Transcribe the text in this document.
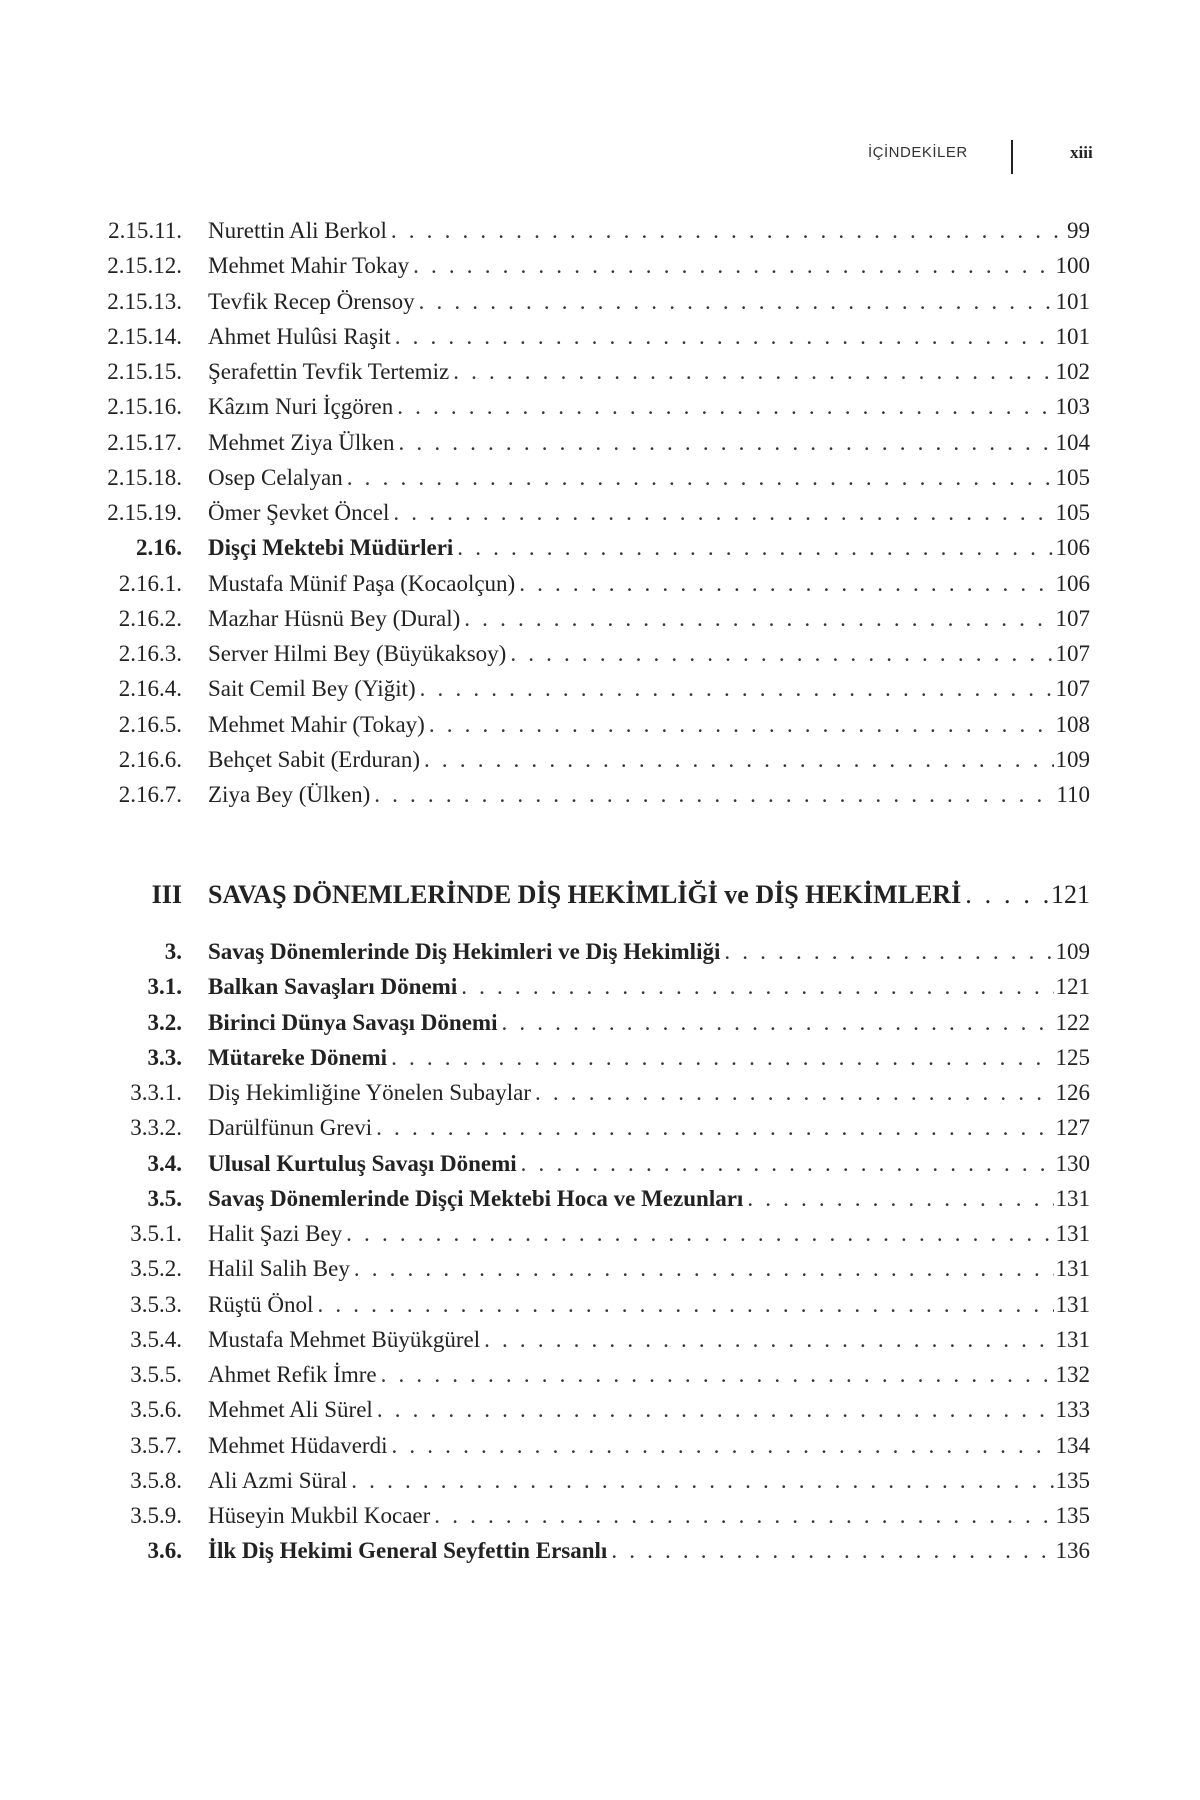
İÇİNDEKİLER	xiii
2.15.11. Nurettin Ali Berkol . . .	99
2.15.12. Mehmet Mahir Tokay . . .	100
2.15.13. Tevfik Recep Örensoy . . .	101
2.15.14. Ahmet Hulûsi Raşit . . .	101
2.15.15. Şerafettin Tevfik Tertemiz . . .	102
2.15.16. Kâzım Nuri İçgören . . .	103
2.15.17. Mehmet Ziya Ülken . . .	104
2.15.18. Osep Celalyan . . .	105
2.15.19. Ömer Şevket Öncel . . .	105
2.16. Dişçi Mektebi Müdürleri . . .	106
2.16.1. Mustafa Münif Paşa (Kocaolçun) . . .	106
2.16.2. Mazhar Hüsnü Bey (Dural) . . .	107
2.16.3. Server Hilmi Bey (Büyükaksoy) . . .	107
2.16.4. Sait Cemil Bey (Yiğit) . . .	107
2.16.5. Mehmet Mahir (Tokay) . . .	108
2.16.6. Behçet Sabit (Erduran) . . .	109
2.16.7. Ziya Bey (Ülken) . . .	110
III SAVAŞ DÖNEMLERİNDE DİŞ HEKİMLİĞİ ve DİŞ HEKİMLERİ . . .	121
3. Savaş Dönemlerinde Diş Hekimleri ve Diş Hekimliği . . .	109
3.1. Balkan Savaşları Dönemi . . .	121
3.2. Birinci Dünya Savaşı Dönemi . . .	122
3.3. Mütareke Dönemi . . .	125
3.3.1. Diş Hekimliğine Yönelen Subaylar . . .	126
3.3.2. Darülfünun Grevi . . .	127
3.4. Ulusal Kurtuluş Savaşı Dönemi . . .	130
3.5. Savaş Dönemlerinde Dişçi Mektebi Hoca ve Mezunları . . .	131
3.5.1. Halit Şazi Bey . . .	131
3.5.2. Halil Salih Bey . . .	131
3.5.3. Rüştü Önol . . .	131
3.5.4. Mustafa Mehmet Büyükgürel . . .	131
3.5.5. Ahmet Refik İmre . . .	132
3.5.6. Mehmet Ali Sürel . . .	133
3.5.7. Mehmet Hüdaverdi . . .	134
3.5.8. Ali Azmi Süral . . .	135
3.5.9. Hüseyin Mukbil Kocaer . . .	135
3.6. İlk Diş Hekimi General Seyfettin Ersanlı . . .	136
